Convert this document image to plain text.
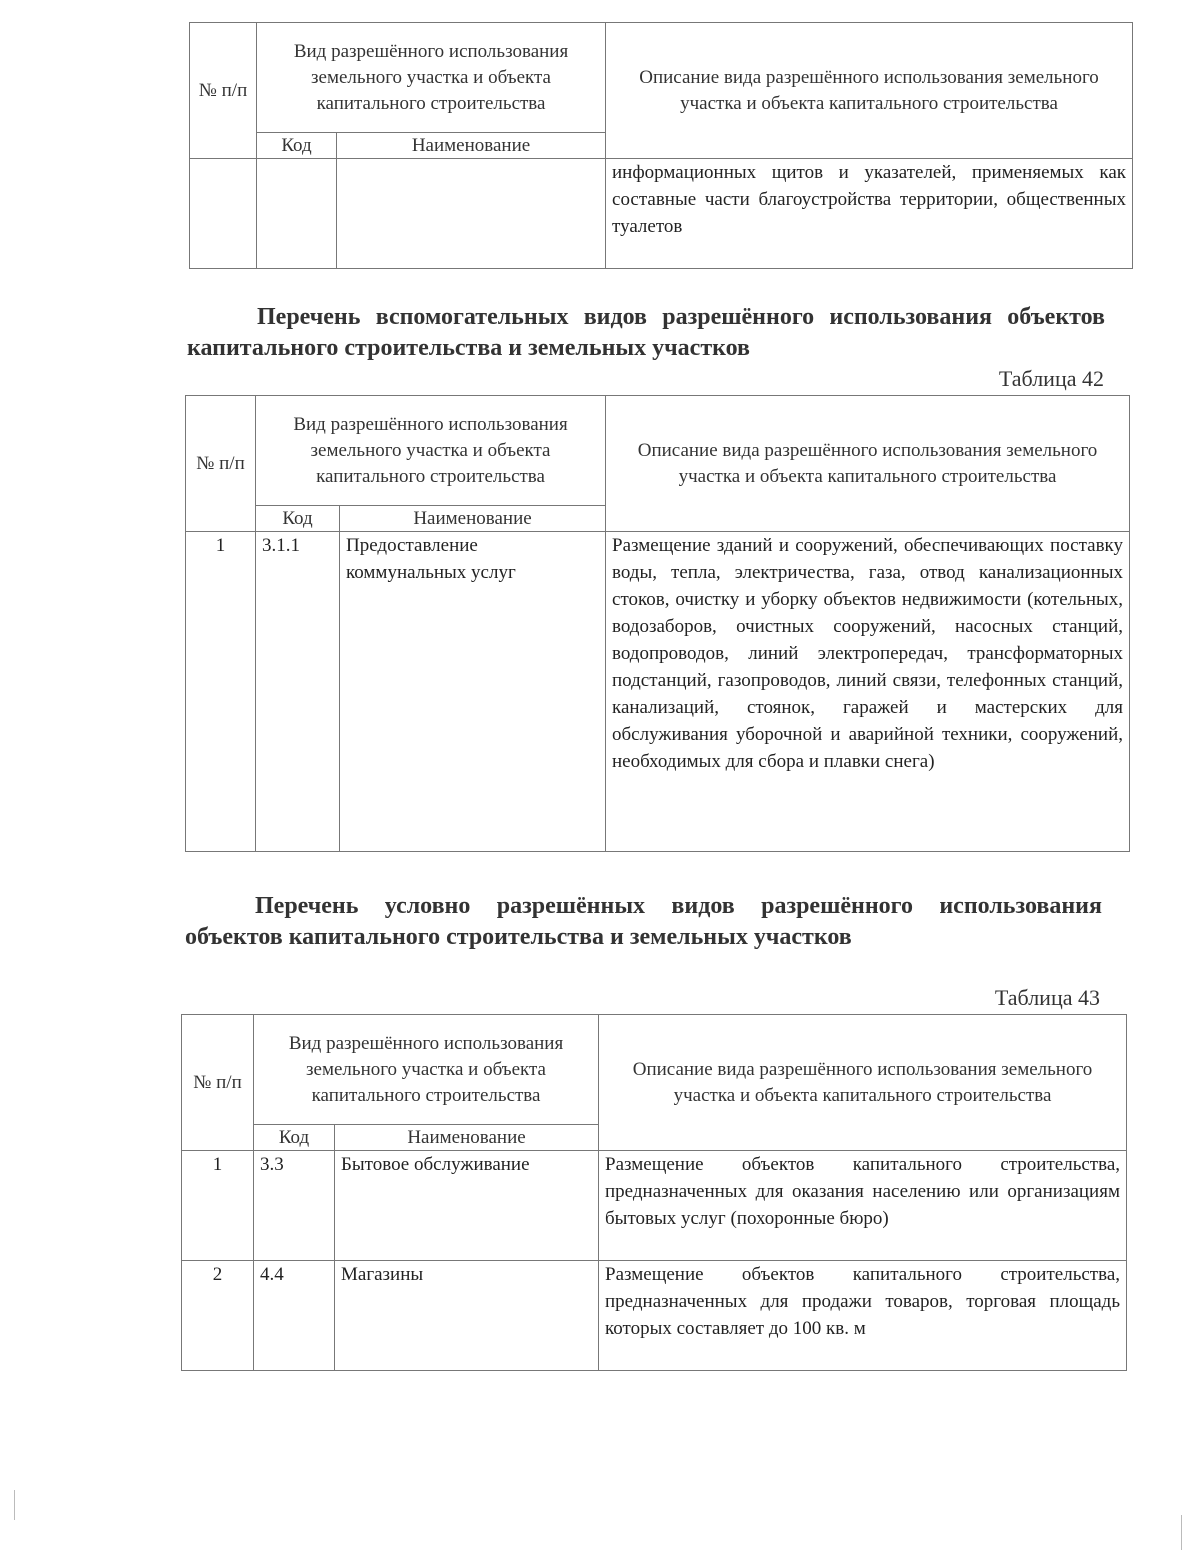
№ п/п	Вид разрешённого использования земельного участка и объекта капитального строительства		Описание вида разрешённого использования земельного участка и объекта капитального строительства
	Код	Наименование	
			информационных щитов и указателей, применяемых как составные части благоустройства территории, общественных туалетов
Перечень вспомогательных видов разрешённого использования объектов капитального строительства и земельных участков
Таблица 42
№ п/п	Вид разрешённого использования земельного участка и объекта капитального строительства		Описание вида разрешённого использования земельного участка и объекта капитального строительства
	Код	Наименование	
1	3.1.1	Предоставление коммунальных услуг	Размещение зданий и сооружений, обеспечивающих поставку воды, тепла, электричества, газа, отвод канализационных стоков, очистку и уборку объектов недвижимости (котельных, водозаборов, очистных сооружений, насосных станций, водопроводов, линий электропередач, трансформаторных подстанций, газопроводов, линий связи, телефонных станций, канализаций, стоянок, гаражей и мастерских для обслуживания уборочной и аварийной техники, сооружений, необходимых для сбора и плавки снега)
Перечень условно разрешённых видов разрешённого использования объектов капитального строительства и земельных участков
Таблица 43
№ п/п	Вид разрешённого использования земельного участка и объекта капитального строительства		Описание вида разрешённого использования земельного участка и объекта капитального строительства
	Код	Наименование	
1	3.3	Бытовое обслуживание	Размещение объектов капитального строительства, предназначенных для оказания населению или организациям бытовых услуг (похоронные бюро)
2	4.4	Магазины	Размещение объектов капитального строительства, предназначенных для продажи товаров, торговая площадь которых составляет до 100 кв. м
